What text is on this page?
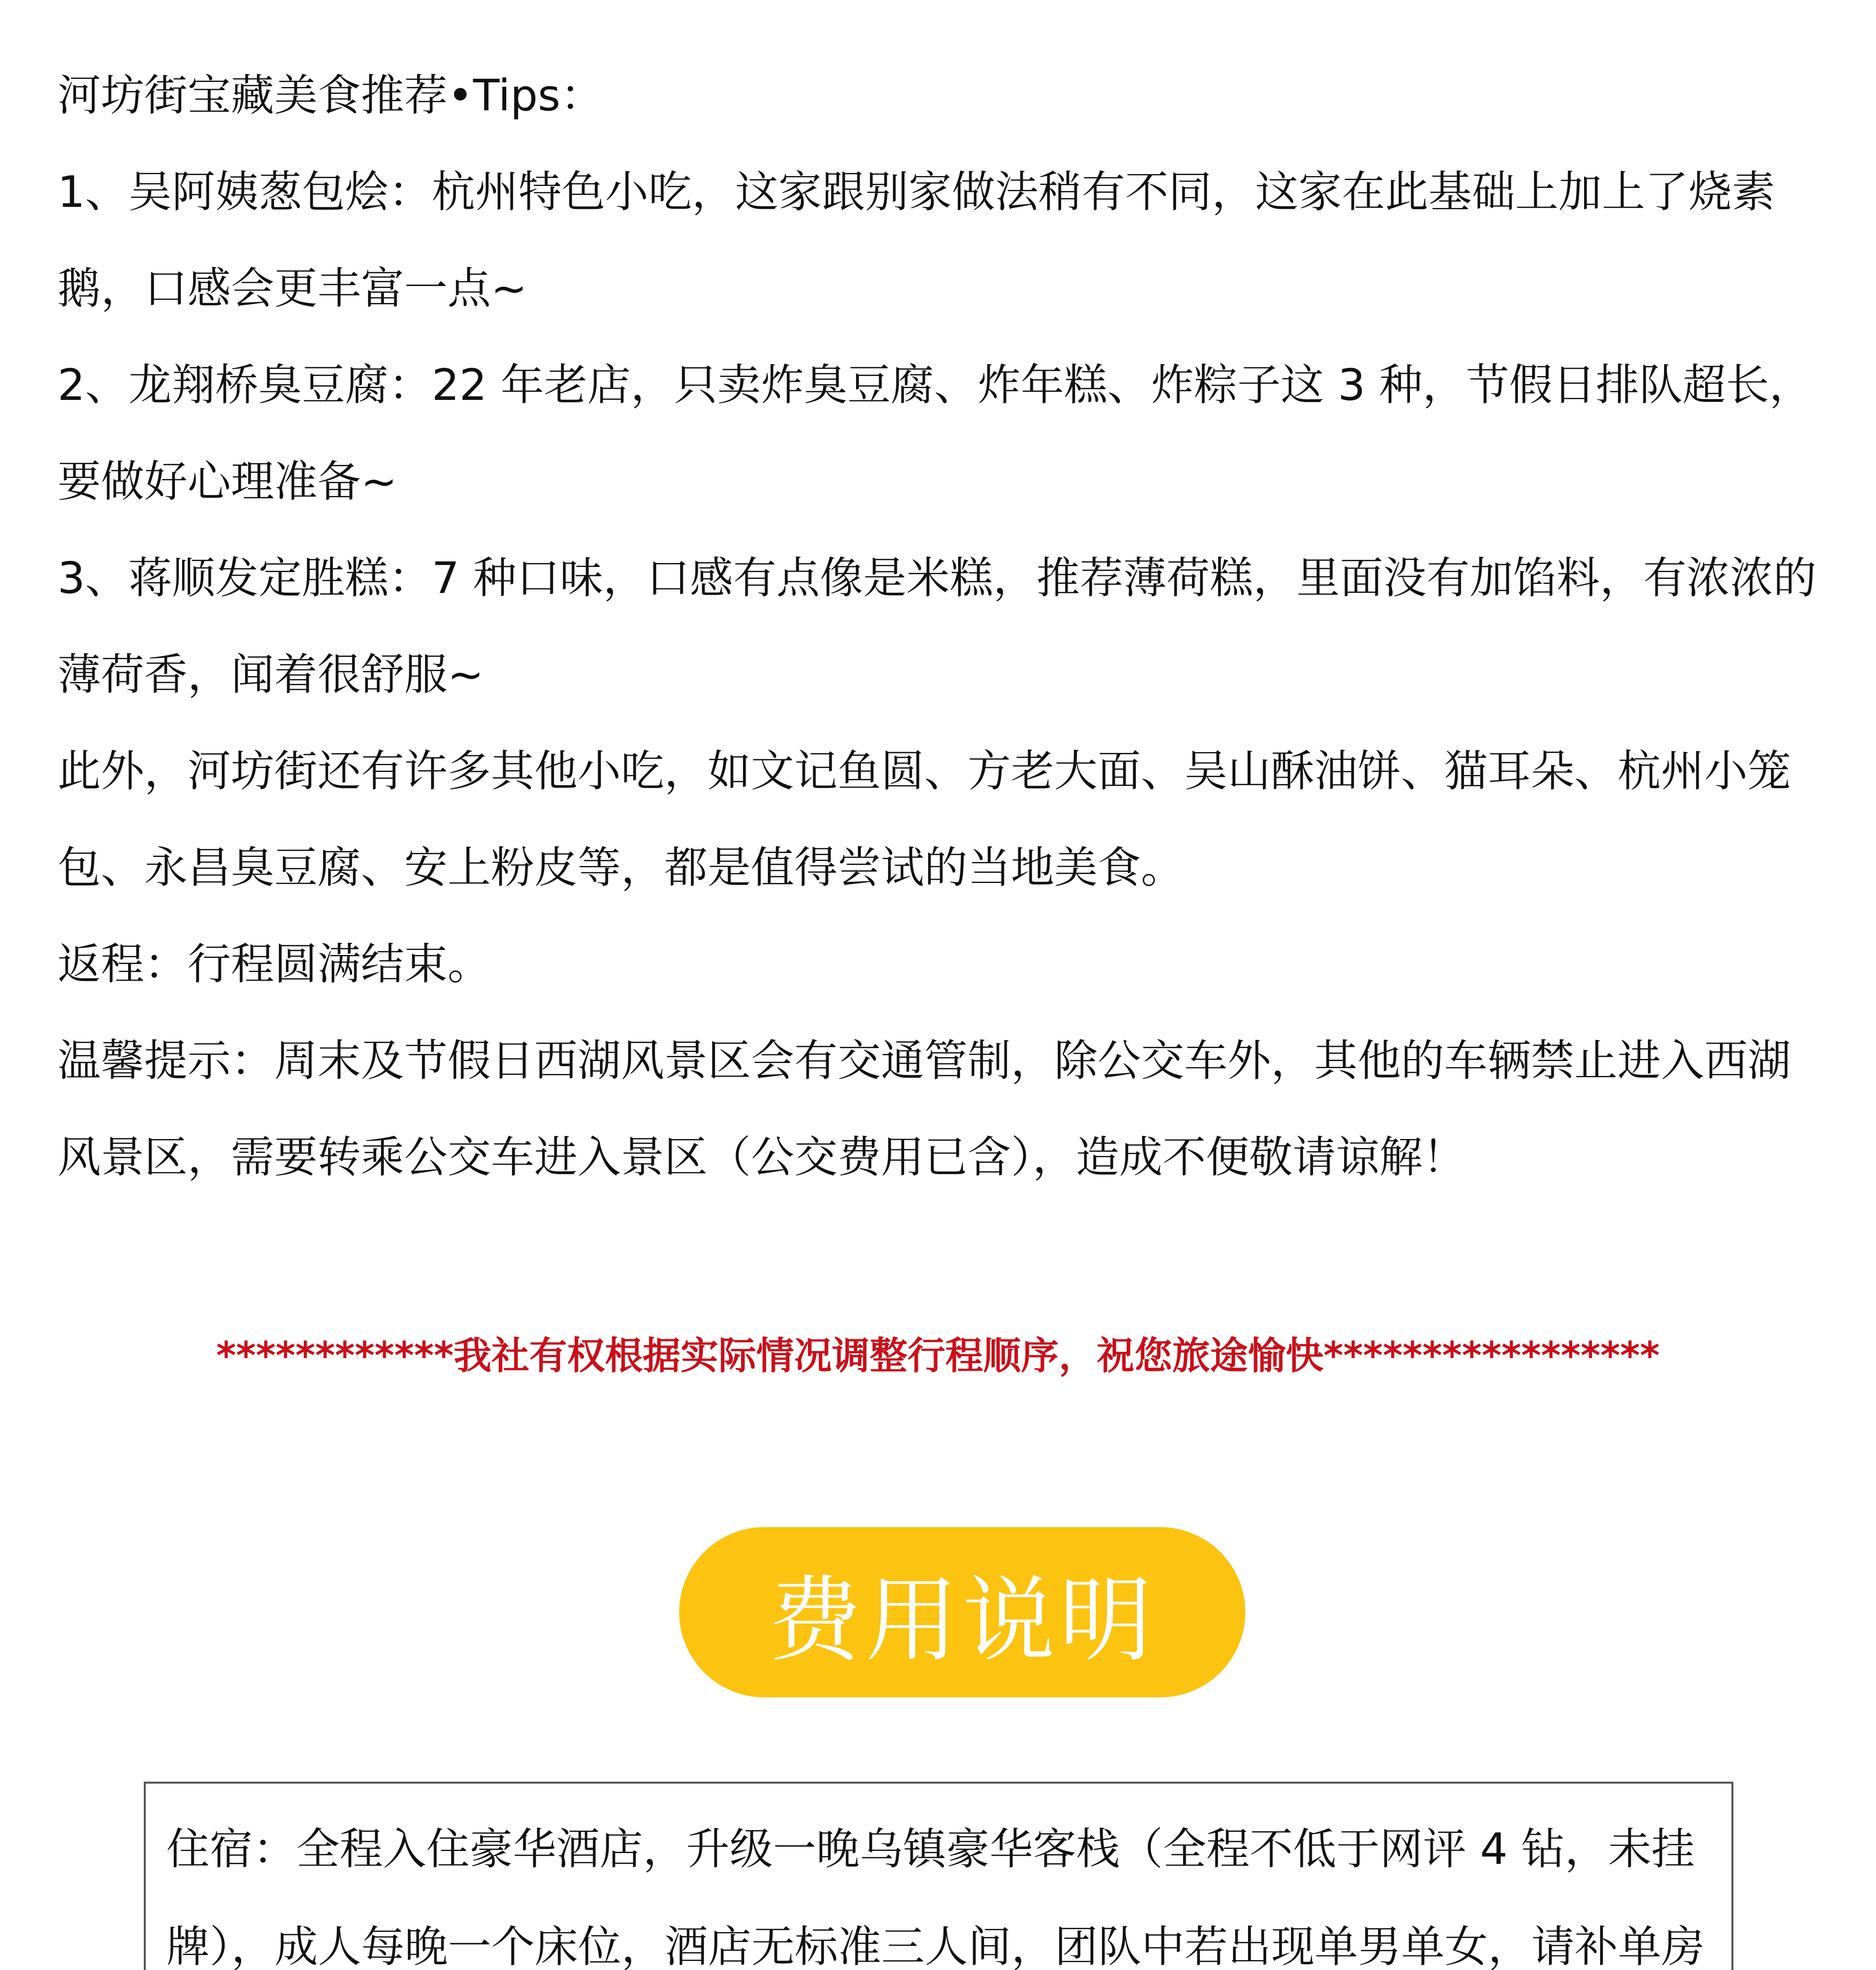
河坊街宝藏美食推荐•Tips：

1、吴阿姨葱包烩：杭州特色小吃，这家跟别家做法稍有不同，这家在此基础上加上了烧素鹅，口感会更丰富一点~

2、龙翔桥臭豆腐：22 年老店，只卖炸臭豆腐、炸年糕、炸粽子这 3 种，节假日排队超长，要做好心理准备~

3、蒋顺发定胜糕：7 种口味，口感有点像是米糕，推荐薄荷糕，里面没有加馅料，有浓浓的薄荷香，闻着很舒服~

此外，河坊街还有许多其他小吃，如文记鱼圆、方老大面、吴山酥油饼、猫耳朵、杭州小笼包、永昌臭豆腐、安上粉皮等，都是值得尝试的当地美食。

返程：行程圆满结束。

温馨提示：周末及节假日西湖风景区会有交通管制，除公交车外，其他的车辆禁止进入西湖风景区，需要转乘公交车进入景区（公交费用已含），造成不便敬请谅解！

************我社有权根据实际情况调整行程顺序，祝您旅途愉快*****************
费用说明
住宿：全程入住豪华酒店，升级一晚乌镇豪华客栈（全程不低于网评 4 钻，未挂牌），成人每晚一个床位，酒店无标准三人间，团队中若出现单男单女，请补单房
